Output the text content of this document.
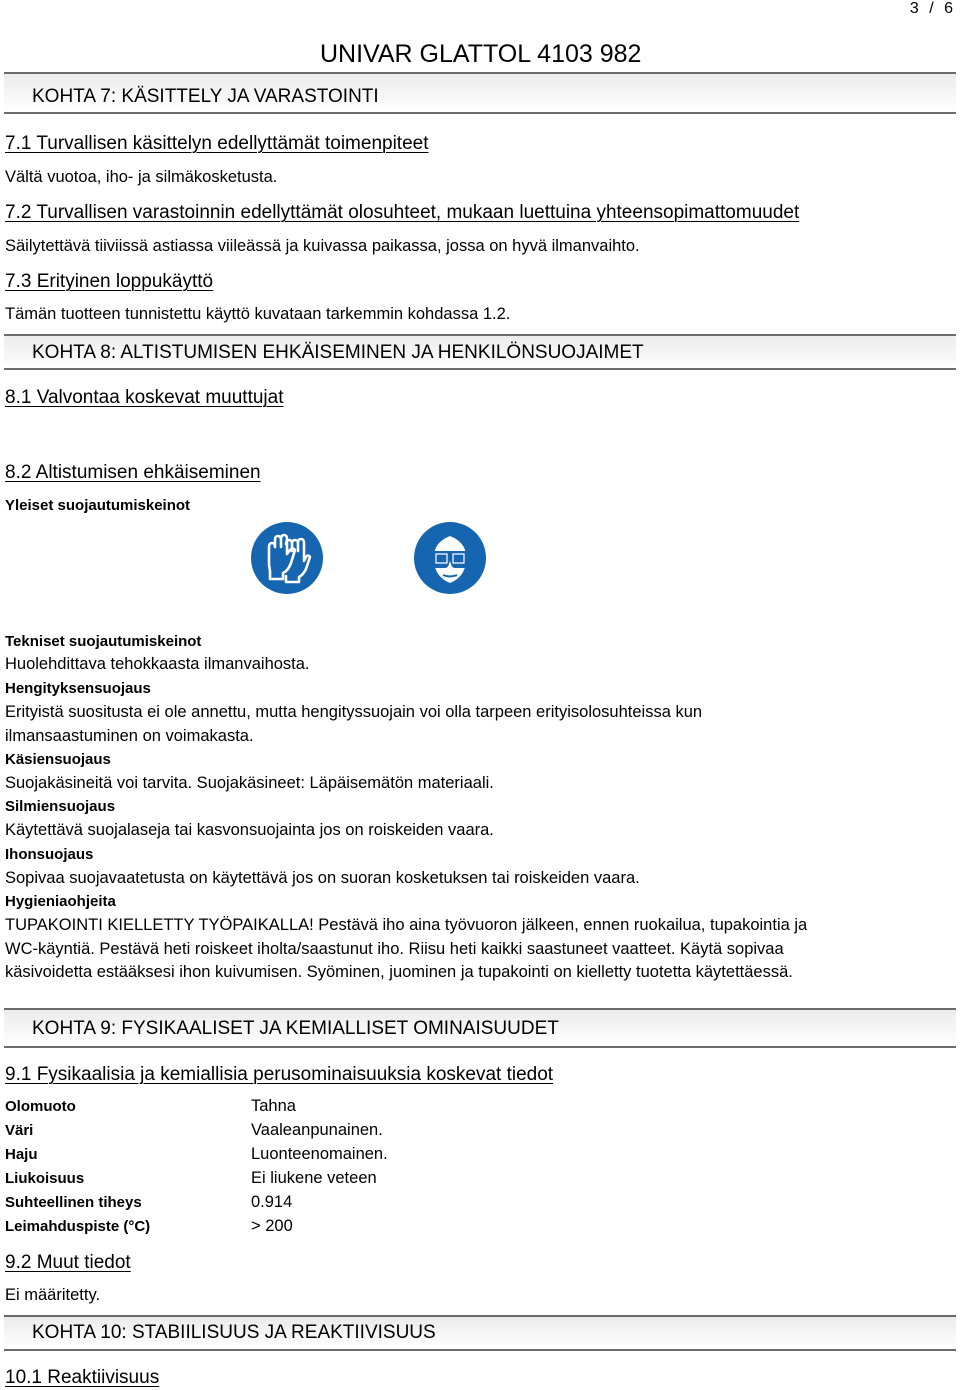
3 / 6
UNIVAR GLATTOL 4103 982
KOHTA 7: KÄSITTELY JA VARASTOINTI
7.1 Turvallisen käsittelyn edellyttämät toimenpiteet
Vältä vuotoa, iho- ja silmäkosketusta.
7.2 Turvallisen varastoinnin edellyttämät olosuhteet, mukaan luettuina yhteensopimattomuudet
Säilytettävä tiiviissä astiassa viileässä ja kuivassa paikassa, jossa on hyvä ilmanvaihto.
7.3 Erityinen loppukäyttö
Tämän tuotteen tunnistettu käyttö kuvataan tarkemmin kohdassa 1.2.
KOHTA 8: ALTISTUMISEN EHKÄISEMINEN JA HENKILÖNSUOJAIMET
8.1 Valvontaa koskevat muuttujat
8.2 Altistumisen ehkäiseminen
Yleiset suojautumiskeinot
Tekniset suojautumiskeinot
Huolehdittava tehokkaasta ilmanvaihosta.
Hengityksensuojaus
Erityistä suositusta ei ole annettu, mutta hengityssuojain voi olla tarpeen erityisolosuhteissa kun
ilmansaastuminen on voimakasta.
Käsiensuojaus
Suojakäsineitä voi tarvita. Suojakäsineet: Läpäisemätön materiaali.
Silmiensuojaus
Käytettävä suojalaseja tai kasvonsuojainta jos on roiskeiden vaara.
Ihonsuojaus
Sopivaa suojavaatetusta on käytettävä jos on suoran kosketuksen tai roiskeiden vaara.
Hygieniaohjeita
TUPAKOINTI KIELLETTY TYÖPAIKALLA! Pestävä iho aina työvuoron jälkeen, ennen ruokailua, tupakointia ja
WC-käyntiä. Pestävä heti roiskeet iholta/saastunut iho. Riisu heti kaikki saastuneet vaatteet. Käytä sopivaa
käsivoidetta estääksesi ihon kuivumisen. Syöminen, juominen ja tupakointi on kielletty tuotetta käytettäessä.
KOHTA 9: FYSIKAALISET JA KEMIALLISET OMINAISUUDET
9.1 Fysikaalisia ja kemiallisia perusominaisuuksia koskevat tiedot
Olomuoto	Tahna
Väri	Vaaleanpunainen.
Haju	Luonteenomainen.
Liukoisuus	Ei liukene veteen
Suhteellinen tiheys	0.914
Leimahduspiste (°C)	> 200
9.2 Muut tiedot
Ei määritetty.
KOHTA 10: STABIILISUUS JA REAKTIIVISUUS
10.1 Reaktiivisuus
